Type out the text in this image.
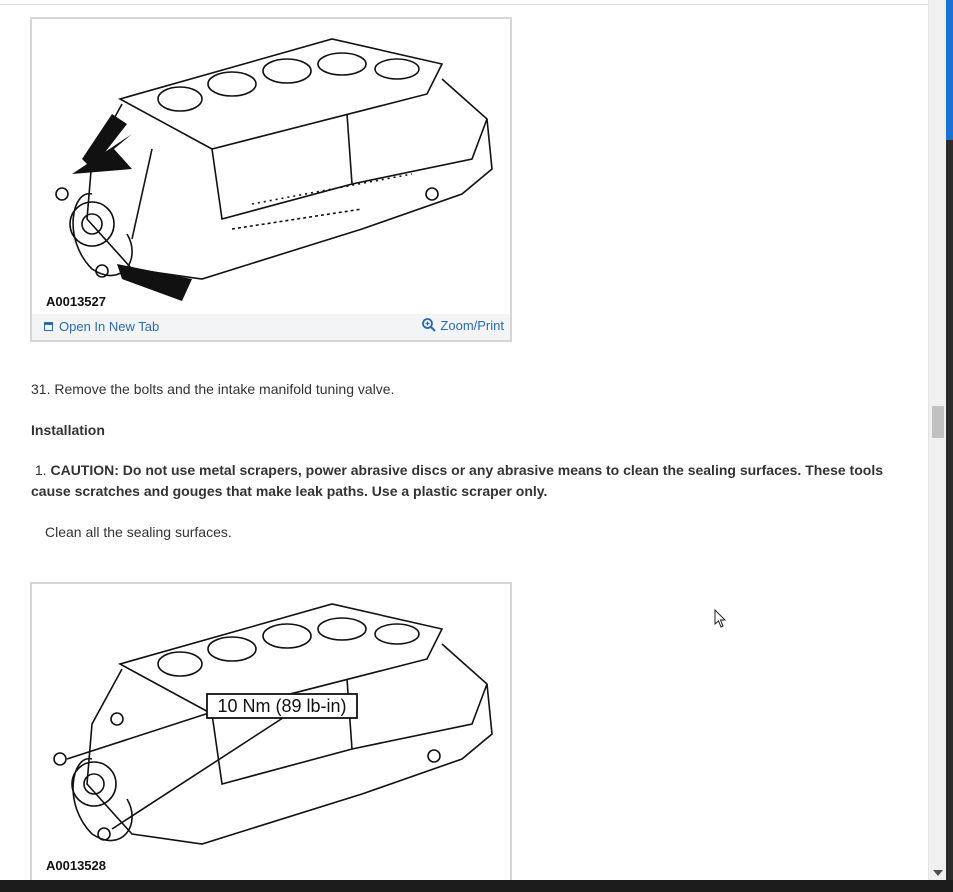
A0013527
Open In New Tab	Zoom/Print
31. Remove the bolts and the intake manifold tuning valve.
Installation
1. CAUTION: Do not use metal scrapers, power abrasive discs or any abrasive means to clean the sealing surfaces. These tools cause scratches and gouges that make leak paths. Use a plastic scraper only.
Clean all the sealing surfaces.
10 Nm (89 lb-in)
A0013528
